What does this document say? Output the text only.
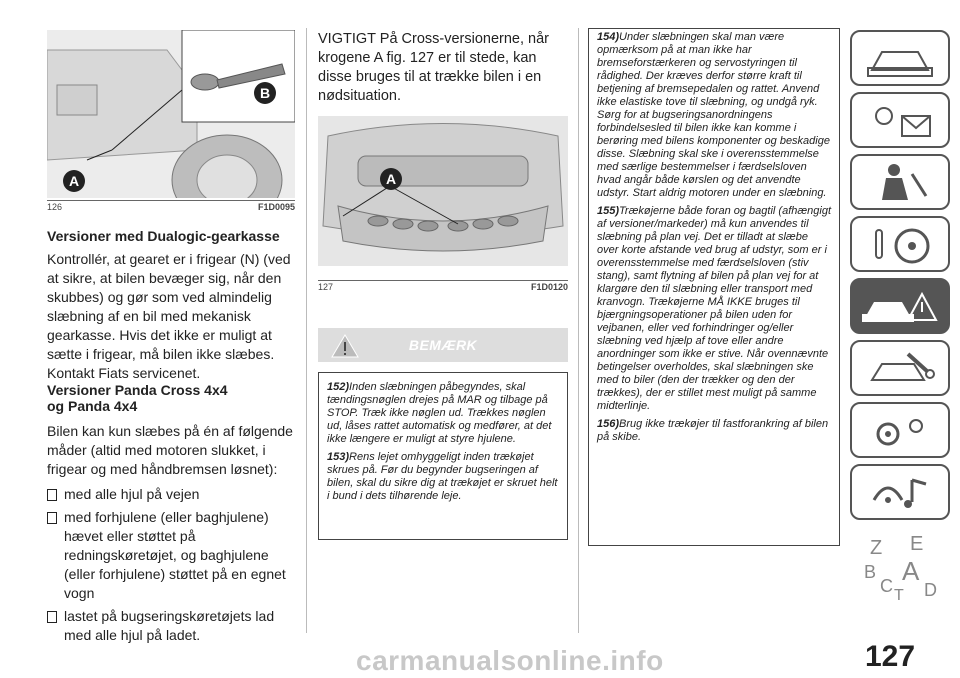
A
B
126	F1D0095
Versioner med Dualogic-gearkasse

Kontrollér, at gearet er i frigear (N) (ved at sikre, at bilen bevæger sig, når den skubbes) og gør som ved almindelig slæbning af en bil med mekanisk gearkasse. Hvis det ikke er muligt at sætte i frigear, må bilen ikke slæbes. Kontakt Fiats servicenet.

Versioner Panda Cross 4x4
og Panda 4x4

Bilen kan kun slæbes på én af følgende måder (altid med motoren slukket, i frigear og med håndbremsen løsnet):

med alle hjul på vejen
med forhjulene (eller baghjulene) hævet eller støttet på redningskøretøjet, og baghjulene (eller forhjulene) støttet på en egnet vogn
lastet på bugseringskøretøjets lad med alle hjul på ladet.

VIGTIGT På Cross-versionerne, når krogene A fig. 127 er til stede, kan disse bruges til at trække bilen i en nødsituation.

A
127	F1D0120
BEMÆRK

152)Inden slæbningen påbegyndes, skal tændingsnøglen drejes på MAR og tilbage på STOP. Træk ikke nøglen ud. Trækkes nøglen ud, låses rattet automatisk og medfører, at det ikke længere er muligt at styre hjulene.

153)Rens lejet omhyggeligt inden trækøjet skrues på. Før du begynder bugseringen af bilen, skal du sikre dig at trækøjet er skruet helt i bund i dets tilhørende leje.

154)Under slæbningen skal man være opmærksom på at man ikke har bremseforstærkeren og servostyringen til rådighed. Der kræves derfor større kraft til betjening af bremsepedalen og rattet. Anvend ikke elastiske tove til slæbning, og undgå ryk. Sørg for at bugseringsanordningens forbindelsesled til bilen ikke kan komme i berøring med bilens komponenter og beskadige disse. Slæbning skal ske i overensstemmelse med særlige bestemmelser i færdselsloven hvad angår både kørslen og det anvendte udstyr. Start aldrig motoren under en slæbning.

155)Trækøjerne både foran og bagtil (afhængigt af versioner/markeder) må kun anvendes til slæbning på plan vej. Det er tilladt at slæbe over korte afstande ved brug af udstyr, som er i overensstemmelse med færdselsloven (stiv stang), samt flytning af bilen på plan vej for at klargøre den til slæbning eller transport med kranvogn. Trækøjerne MÅ IKKE bruges til bjærgningsoperationer på bilen uden for vejbanen, eller ved forhindringer og/eller slæbning ved hjælp af tove eller andre anordninger som ikke er stive. Når ovennævnte betingelser overholdes, skal slæbningen ske med to biler (den der trækker og den der trækkes), der er stillet mest muligt på samme midterlinje.

156)Brug ikke trækøjer til fastforankring af bilen på skibe.

Z E
B A
C T D
127
carmanualsonline.info
